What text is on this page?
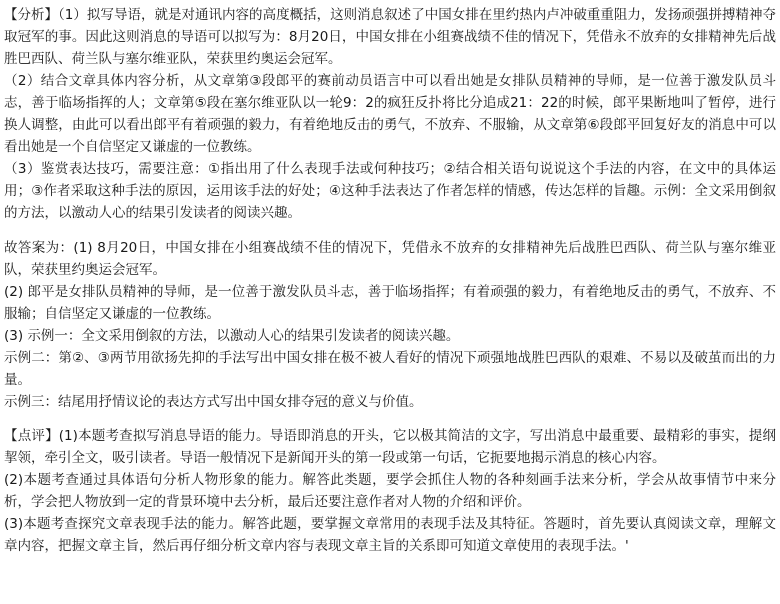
【分析】（1）拟写导语，就是对通讯内容的高度概括，这则消息叙述了中国女排在里约热内卢冲破重重阻力，发扬顽强拼搏精神夺取冠军的事。因此这则消息的导语可以拟写为：8月20日，中国女排在小组赛战绩不佳的情况下，凭借永不放弃的女排精神先后战胜巴西队、荷兰队与塞尔维亚队，荣获里约奥运会冠军。

（2）结合文章具体内容分析，从文章第③段郎平的赛前动员语言中可以看出她是女排队员精神的导师，是一位善于激发队员斗志，善于临场指挥的人；文章第⑤段在塞尔维亚队以一轮9：2的疯狂反扑将比分追成21：22的时候，郎平果断地叫了暂停，进行换人调整，由此可以看出郎平有着顽强的毅力，有着绝地反击的勇气，不放弃、不服输，从文章第⑥段郎平回复好友的消息中可以看出她是一个自信坚定又谦虚的一位教练。

（3）鉴赏表达技巧，需要注意：①指出用了什么表现手法或何种技巧；②结合相关语句说说这个手法的内容，在文中的具体运用；③作者采取这种手法的原因，运用该手法的好处；④这种手法表达了作者怎样的情感，传达怎样的旨趣。示例：全文采用倒叙的方法，以激动人心的结果引发读者的阅读兴趣。

故答案为：(1) 8月20日，中国女排在小组赛战绩不佳的情况下，凭借永不放弃的女排精神先后战胜巴西队、荷兰队与塞尔维亚队，荣获里约奥运会冠军。

(2) 郎平是女排队员精神的导师，是一位善于激发队员斗志，善于临场指挥；有着顽强的毅力，有着绝地反击的勇气，不放弃、不服输；自信坚定又谦虚的一位教练。

(3) 示例一：全文采用倒叙的方法，以激动人心的结果引发读者的阅读兴趣。

示例二：第②、③两节用欲扬先抑的手法写出中国女排在极不被人看好的情况下顽强地战胜巴西队的艰难、不易以及破茧而出的力量。

示例三：结尾用抒情议论的表达方式写出中国女排夺冠的意义与价值。

【点评】(1)本题考查拟写消息导语的能力。导语即消息的开头，它以极其简洁的文字，写出消息中最重要、最精彩的事实，提纲挈领，牵引全文，吸引读者。导语一般情况下是新闻开头的第一段或第一句话，它扼要地揭示消息的核心内容。

(2)本题考查通过具体语句分析人物形象的能力。解答此类题，要学会抓住人物的各种刻画手法来分析，学会从故事情节中来分析，学会把人物放到一定的背景环境中去分析，最后还要注意作者对人物的介绍和评价。

(3)本题考查探究文章表现手法的能力。解答此题，要掌握文章常用的表现手法及其特征。答题时，首先要认真阅读文章，理解文章内容，把握文章主旨，然后再仔细分析文章内容与表现文章主旨的关系即可知道文章使用的表现手法。'
